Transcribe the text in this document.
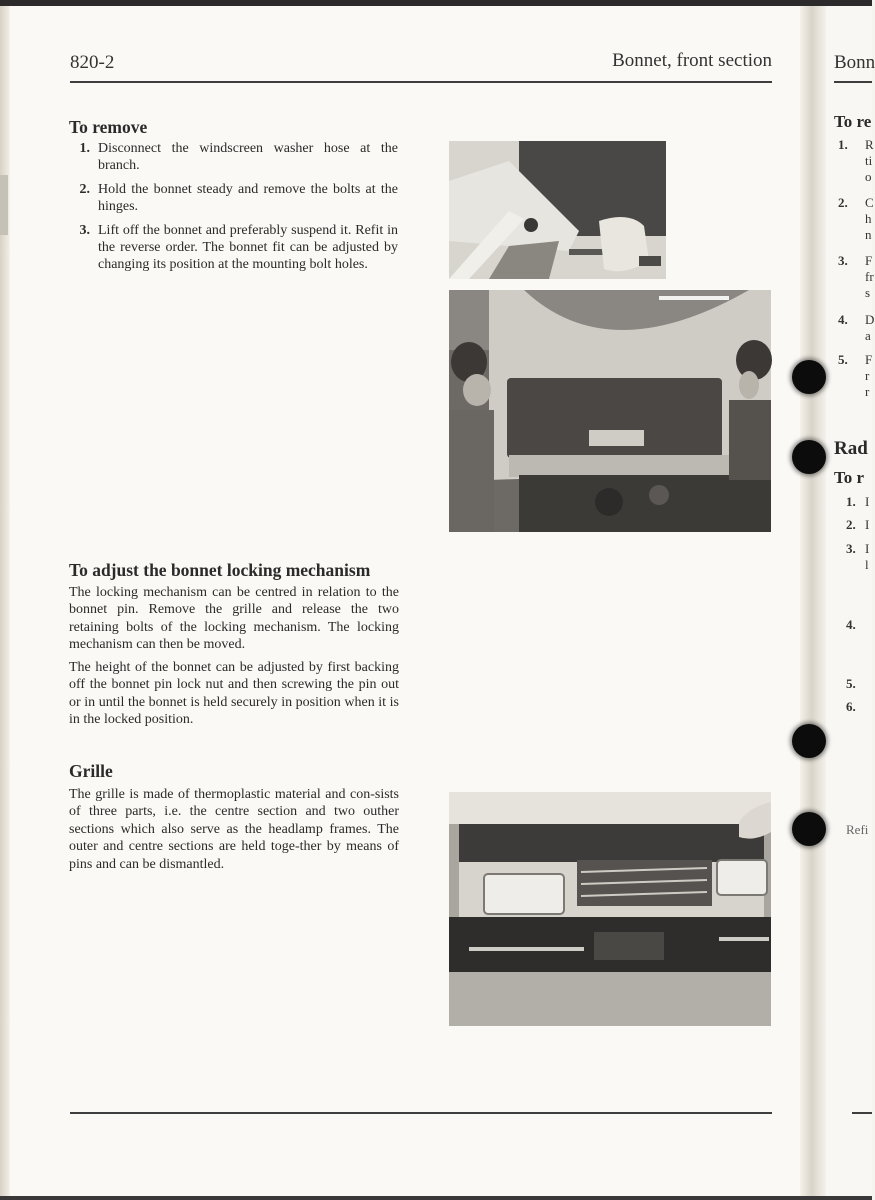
820-2	Bonnet, front section
To remove
1. Disconnect the windscreen washer hose at the branch.
2. Hold the bonnet steady and remove the bolts at the hinges.
3. Lift off the bonnet and preferably suspend it. Refit in the reverse order. The bonnet fit can be adjusted by changing its position at the mounting bolt holes.
To adjust the bonnet locking mechanism
The locking mechanism can be centred in relation to the bonnet pin. Remove the grille and release the two retaining bolts of the locking mechanism. The locking mechanism can then be moved.
The height of the bonnet can be adjusted by first backing off the bonnet pin lock nut and then screwing the pin out or in until the bonnet is held securely in position when it is in the locked position.
Grille
The grille is made of thermoplastic material and con-sists of three parts, i.e. the centre section and two outher sections which also serve as the headlamp frames. The outer and centre sections are held toge-ther by means of pins and can be dismantled.
Bonn
To re
1. R
ti
o
2. C
h
n
3. F
fr
s
4. D
a
5. F
r
r
Rad
To r
1. I
2. I
3. I
l
4.
5.
6.
Refi
